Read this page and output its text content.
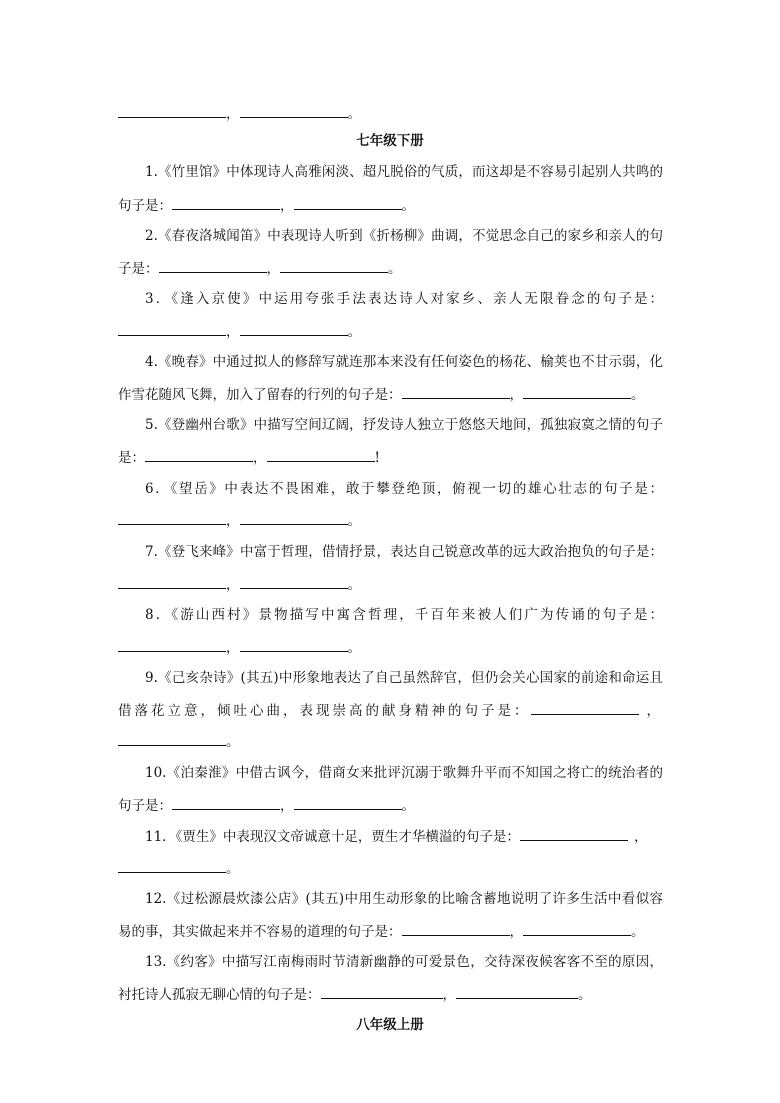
，	。
七年级下册
1.《竹里馆》中体现诗人高雅闲淡、超凡脱俗的气质，而这却是不容易引起别人共鸣的
句子是：	，	。
2.《春夜洛城闻笛》中表现诗人听到《折杨柳》曲调，不觉思念自己的家乡和亲人的句
子是：	，	。
3．《逢入京使》中运用夸张手法表达诗人对家乡、亲人无限眷念的句子是：
，	。
4.《晚春》中通过拟人的修辞写就连那本来没有任何姿色的杨花、榆荚也不甘示弱，化
作雪花随风飞舞，加入了留春的行列的句子是：	，	。
5.《登幽州台歌》中描写空间辽阔，抒发诗人独立于悠悠天地间，孤独寂寞之情的句子
是：	，	!
6．《望岳》中表达不畏困难，敢于攀登绝顶，俯视一切的雄心壮志的句子是：
，	。
7.《登飞来峰》中富于哲理，借情抒景，表达自己锐意改革的远大政治抱负的句子是：
，	。
8．《游山西村》景物描写中寓含哲理，千百年来被人们广为传诵的句子是：
，	。
9.《己亥杂诗》(其五)中形象地表达了自己虽然辞官，但仍会关心国家的前途和命运且
借落花立意，倾吐心曲，表现崇高的献身精神的句子是：	，
。
10.《泊秦淮》中借古讽今，借商女来批评沉溺于歌舞升平而不知国之将亡的统治者的
句子是：	，	。
11．《贾生》中表现汉文帝诚意十足，贾生才华横溢的句子是：	，
。
12.《过松源晨炊漆公店》(其五)中用生动形象的比喻含蓄地说明了许多生活中看似容
易的事，其实做起来并不容易的道理的句子是：	，	。
13.《约客》中描写江南梅雨时节清新幽静的可爱景色，交待深夜候客客不至的原因，
衬托诗人孤寂无聊心情的句子是：	，	。
八年级上册
